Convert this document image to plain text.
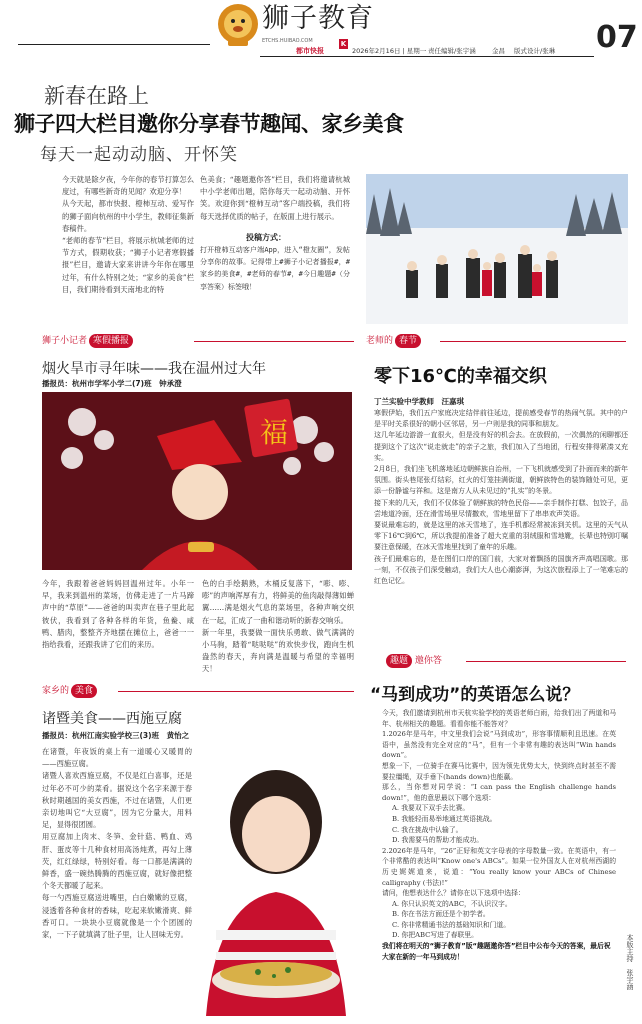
狮子教育
ETCHS.HUIBAO.COM	K
都市快报	2026年2月16日 | 星期一 责任编辑/张宇涵	金昌 版式设计/张琳 07
新春在路上
狮子四大栏目邀你分享春节趣闻、家乡美食
每天一起动动脑、开怀笑
今天就是除夕夜，今年你的春节打算怎么度过，有哪些新奇的见闻？欢迎分享！
从今天起，都市快报、橙柿互动、爱写作的狮子面向杭州的中小学生，教师征集新春稿件。
“老师的春节”栏目，将展示杭城老师的过节方式，假期收获；“狮子小记者寒假播报”栏目，邀请大家来讲讲今年你在哪里过年，有什么特别之处；“家乡的美食”栏目，我们期待看到天南地北的特
色美食；“趣题邀你答”栏目，我们将邀请杭城中小学老师出题，陪你每天一起动动脑、开怀笑。欢迎你到“橙柿互动”客户端投稿，我们将每天选择优质的帖子，在版面上进行展示。
投稿方式：
打开橙柿互动客户端App，进入“橙友圈”，发帖分享你的故事。记得带上#狮子小记者播报#，#家乡的美食#，#老师的春节#，#今日趣题#（分享答案）标签哦！
狮子小记者 寒假播报
烟火旱市寻年味——我在温州过大年
播报员：杭州市学军小学二(7)班　钟承澄
福
今年，我跟着爸爸妈妈回温州过年。小年一早，我来到温州的菜场，仿佛走进了一片马蹄声中的“草原”——爸爸的叫卖声在巷子里此起彼伏，我看到了各种各样的年货，鱼鲞、咸鸭、腊肉，整整齐齐地摆在摊位上，爸爸一一指给我看，还跟我讲了它们的来历。
色的白手绘鹅熟，木桶反复落下，“嘭、嘭、嘭”的声响浑厚有力，将鲜美的鱼肉敲得薄如蝉翼……满是烟火气息的菜场里，各种声响交织在一起，汇成了一曲和谐动听的新春交响乐。
新一年里，我要做一面快乐勇敢、做气满满的小马驹，踏着“哒哒哒”的欢快步伐，跑向生机盎然的春天，奔向满是温暖与希望的幸福明天！
老师的 春节
零下16℃的幸福交织
丁兰实验中学教师　汪嘉琪
寒假伊始，我们五户家庭决定结伴前往延边，提前感受春节的热闹气氛。其中的户是平时关系很好的朝小区邻居，另一户则是我的同事和朋友。
这几年延边游游一直很火，但是没有好的机会去。在放假前，一次偶然的闲聊都还提到这个了这次“说走就走”的亲子之旅，我们加入了当地团，行程安排得紧凑又充实。
2月8日，我们坐飞机落地延边朝鲜族自治州，一下飞机就感受到了扑面而来的新年氛围。街头巷尾张灯结彩，红火的灯笼挂满街道，朝鲜族特色的装饰随处可见，更添一份静谧与祥和。这是南方人从未见过的“扎实”的冬景。
接下来的几天，我们不仅体验了朝鲜族的特色民俗——亲手制作打糕、包饺子，品尝地道冷面，还在滑雪场里尽情撒欢，雪地里留下了串串欢声笑语。
要说最难忘的，就是这里的冰天雪地了，连手机都经常被冻到关机。这里的天气从零下16℃到6℃，所以我提前准备了超大克重的羽绒服和雪地靴，长辈也特别叮嘱要注意保暖，在冰天雪地里找到了童年的乐趣。
孩子们最难忘的，是在图们口岸的国门前，大家对着飘扬的国旗齐声高唱国歌。那一刻，不仅孩子们深受触动，我们大人也心潮澎湃，为这次旅程添上了一笔难忘的红色记忆。
家乡的 美食
诸暨美食——西施豆腐
播报员：杭州江南实验学校三(3)班　黄怡之
在诸暨，年夜饭的桌上有一道暖心又暖胃的——西施豆腐。
诸暨人喜欢西施豆腐，不仅是红白喜事，还是过年必不可少的菜肴。据说这个名字来源于春秋时期越国的美女西施，不过在诸暨，人们更亲切地叫它“大豆腐”，因为它分量大，用料足，显得很团圆。
用豆腐加上肉末、冬笋、金针菇、鸭血、鸡肝、蛋皮等十几种食材用高汤炖煮，再勾上薄芡，红红绿绿，特别好看。每一口都是满满的鲜香，盛一碗热腾腾的西施豆腐，就好像把整个冬天都暖了起来。
每一勺西施豆腐送进嘴里，白白嫩嫩的豆腐，浸透着各种食材的香味，吃起来软嫩滑爽、鲜香可口。一块块小豆腐就像是一个个团圆的家，一下子就填满了肚子里，让人回味无穷。
趣题 邀你答
“马到成功”的英语怎么说？
今天，我们邀请到杭州市天杭实验学校的英语老师白雨，给我们出了两道和马年、杭州相关的趣题。看看你能不能答对？
1.2026年是马年，中文里我们会说“马到成功”，形容事情顺利且迅速。在英语中，虽然没有完全对应的“马”，但有一个非常有趣的表达叫“Win hands down”。
想象一下，一位骑手在赛马比赛中，因为领先优势太大，快到终点时甚至不需要拉缰绳，双手垂下(hands down)也能赢。
那么，当你想对同学说：“I can pass the English challenge hands down!”，他的意思最以下哪个选项：
A. 我要双下双手去比赛。
B. 我能轻而易举地通过英语挑战。
C. 我在挑战中认输了。
D. 我需要马的帮助才能成功。
2.2026年是马年，“26”正好和英文字母表的字母数量一致。在英语中，有一个非常酷的表达叫“Know one's ABCs”。如果一位外国友人在对杭州西湖的历史娓娓道来，说道：“You really know your ABCs of Chinese calligraphy (书法)!”
请问，他想表达什么？请你在以下选项中选择：
A. 你只认识英文的ABC，不认识汉字。
B. 你在书法方面还是个初学者。
C. 你非常精通书法的基础知识和门道。
D. 你把ABC写进了春联里。
我们将在明天的“狮子教育”版“趣题邀你答”栏目中公布今天的答案，最后祝大家在新的一年马到成功！	本版主持　张宇涵
